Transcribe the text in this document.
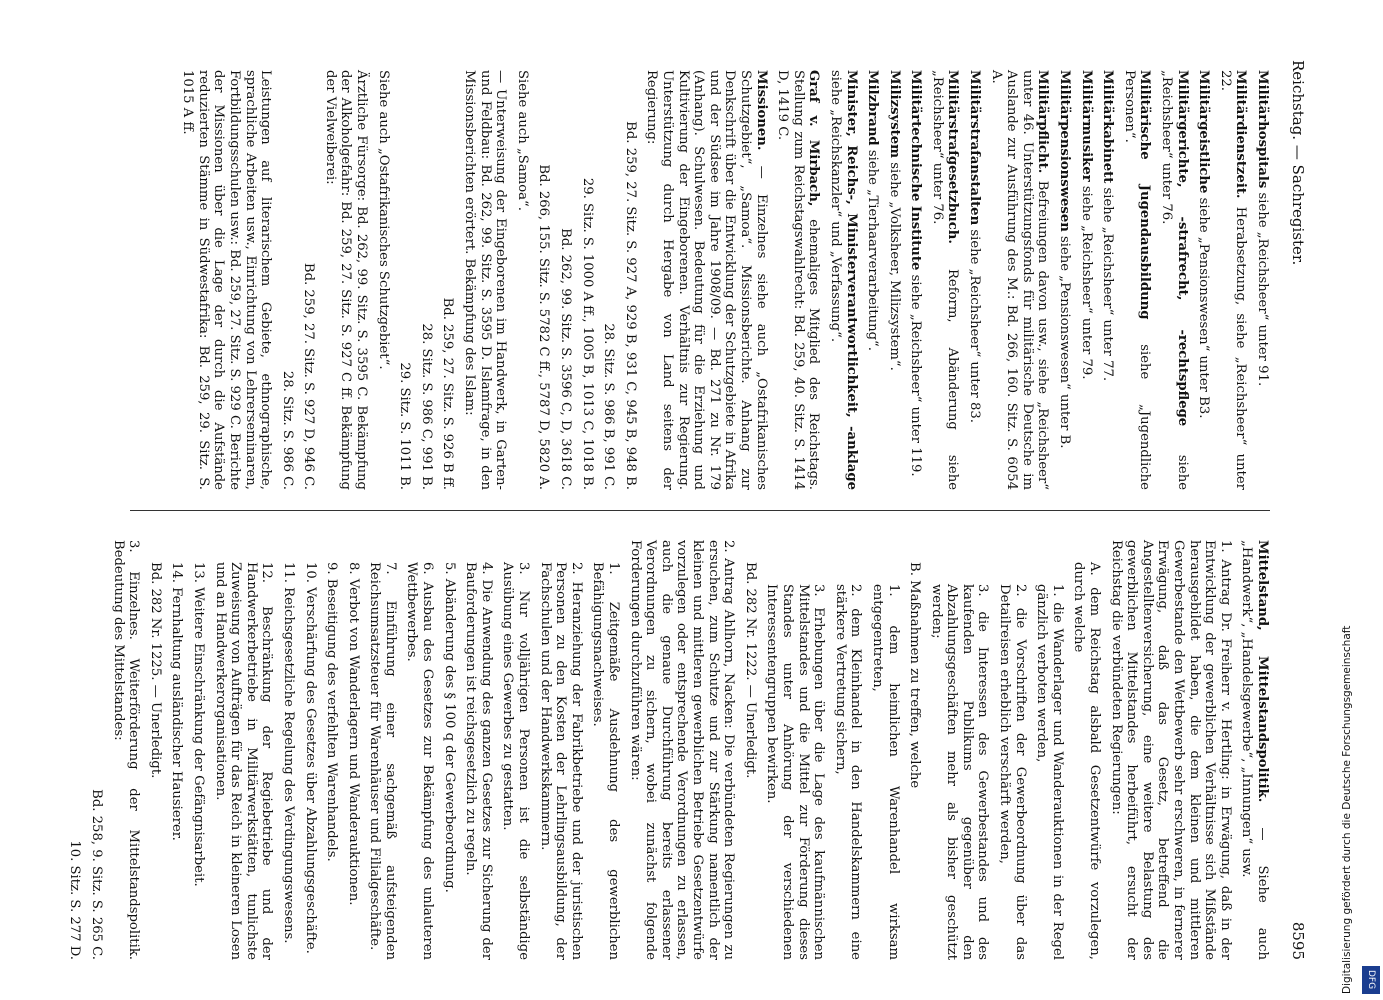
Reichstag. — Sachregister.
8595
Militärhospitals siehe „Reichsheer“ unter 91.
Militärdienstzeit. Herabsetzung, siehe „Reichsheer“ unter 22.
Militärgeistliche siehe „Pensionswesen“ unter B3.
Militärgerichte, -strafrecht, -rechtspflege siehe „Reichsheer“ unter 76.
Militärische Jugendausbildung siehe „Jugendliche Personen“.
Militärkabinett siehe „Reichsheer“ unter 77.
Militärmusiker siehe „Reichsheer“ unter 79.
Militärpensionswesen siehe „Pensionswesen“ unter B.
Militärpflicht. Befreiungen davon usw., siehe „Reichsheer“ unter 46. Unterstützungsfonds für militärische Deutsche im Auslande zur Ausführung des M.: Bd. 266, 160. Sitz. S. 6054 A.
Militärstrafanstalten siehe „Reichsheer“ unter 83.
Militärstrafgesetzbuch. Reform, Abänderung siehe „Reichsheer“ unter 76.
Militärtechnische Institute siehe „Reichsheer“ unter 119.
Milizsystem siehe „Volksheer, Milizsystem“.
Milzbrand siehe „Tierhaarverarbeitung“.
Minister, Reichs-, Ministerverantwortlichkeit, -anklage siehe „Reichskanzler“ und „Verfassung“.
Graf v. Mirbach, ehemaliges Mitglied des Reichstags. Stellung zum Reichstagswahlrecht: Bd. 259, 40. Sitz. S. 1414 D, 1419 C.
Missionen. — Einzelnes siehe auch „Ostafrikanisches Schutzgebiet“, „Samoa“. Missionsberichte. Anhang zur Denkschrift über die Entwicklung der Schutzgebiete in Afrika und der Südsee im Jahre 1908/09. — Bd. 271 zu Nr. 179 (Anhang). Schulwesen. Bedeutung für die Erziehung und Kultivierung der Eingeborenen. Verhältnis zur Regierung. Unterstützung durch Hergabe von Land seitens der Regierung:
Bd. 259, 27. Sitz. S. 927 A, 929 B, 931 C, 945 B, 948 B.
28. Sitz. S. 986 B, 991 C.
29. Sitz. S. 1000 A ff., 1005 B, 1013 C, 1018 B.
Bd. 262, 99. Sitz. S. 3596 C, D, 3618 C.
Bd. 266, 155. Sitz. S. 5782 C ff., 5787 D, 5820 A.
Siehe auch „Samoa“.
— Unterweisung der Eingeborenen im Handwerk, in Garten- und Feldbau: Bd. 262, 99. Sitz. S. 3595 D. Islamfrage, in den Missionsberichten erörtert. Bekämpfung des Islam:
Bd. 259, 27. Sitz. S. 926 B ff.
28. Sitz. S. 986 C, 991 B.
29. Sitz. S. 1011 B.
Siehe auch „Ostafrikanisches Schutzgebiet“.
Ärztliche Fürsorge: Bd. 262, 99. Sitz. S. 3595 C. Bekämpfung der Alkoholgefahr: Bd. 259, 27. Sitz. S. 927 C ff. Bekämpfung der Vielweiberei:
Bd. 259, 27. Sitz. S. 927 D, 946 C.
28. Sitz. S. 986 C.
Leistungen auf literarischem Gebiete, ethnographische, sprachliche Arbeiten usw., Einrichtung von Lehrerseminaren, Fortbildungsschulen usw.: Bd. 259, 27. Sitz. S. 929 C. Berichte der Missionen über die Lage der durch die Aufstände reduzierten Stämme in Südwestafrika: Bd. 259, 29. Sitz. S. 1015 A ff.
Mittelstand, Mittelstandspolitik. — Siehe auch „Handwerk“, „Handelsgewerbe“, „Innungen“ usw.
1. Antrag Dr. Freiherr v. Hertling: in Erwägung, daß in der Entwicklung der gewerblichen Verhältnisse sich Mißstände herausgebildet haben, die dem kleinen und mittleren Gewerbestande den Wettbewerb sehr erschweren, in fernerer Erwägung, daß das Gesetz, betreffend die Angestelltenversicherung, eine weitere Belastung des gewerblichen Mittelstandes herbeiführt, ersucht der Reichstag die verbündeten Regierungen:
A. dem Reichstag alsbald Gesetzentwürfe vorzulegen, durch welche
1. die Wanderlager und Wanderauktionen in der Regel gänzlich verboten werden,
2. die Vorschriften der Gewerbeordnung über das Detailreisen erheblich verschärft werden,
3. die Interessen des Gewerbestandes und des kaufenden Publikums gegenüber den Abzahlungsgeschäften mehr als bisher geschützt werden;
B. Maßnahmen zu treffen, welche
1. dem heimlichen Warenhandel wirksam entgegentreten,
2. dem Kleinhandel in den Handelskammern eine stärkere Vertretung sichern,
3. Erhebungen über die Lage des kaufmännischen Mittelstandes und die Mittel zur Förderung dieses Standes unter Anhörung der verschiedenen Interessentengruppen bewirken.
Bd. 282 Nr. 1222. — Unerledigt.
2. Antrag Ahlhorn, Nacken: Die verbündeten Regierungen zu ersuchen, zum Schutze und zur Stärkung namentlich der kleinen und mittleren gewerblichen Betriebe Gesetzentwürfe vorzulegen oder entsprechende Verordnungen zu erlassen, auch die genaue Durchführung bereits erlassener Verordnungen zu sichern, wobei zunächst folgende Forderungen durchzuführen wären:
1. Zeitgemäße Ausdehnung des gewerblichen Befähigungsnachweises.
2. Heranziehung der Fabrikbetriebe und der juristischen Personen zu den Kosten der Lehrlingsausbildung, der Fachschulen und der Handwerkskammern.
3. Nur volljährigen Personen ist die selbständige Ausübung eines Gewerbes zu gestatten.
4. Die Anwendung des ganzen Gesetzes zur Sicherung der Bauforderungen ist reichsgesetzlich zu regeln.
5. Abänderung des § 100 q der Gewerbeordnung.
6. Ausbau des Gesetzes zur Bekämpfung des unlauteren Wettbewerbes.
7. Einführung einer sachgemäß aufsteigenden Reichsumsatzsteuer für Warenhäuser und Filialgeschäfte.
8. Verbot von Wanderlagern und Wanderauktionen.
9. Beseitigung des verfehlten Warenhandels.
10. Verschärfung des Gesetzes über Abzahlungsgeschäfte.
11. Reichsgesetzliche Regelung des Verdingungswesens.
12. Beschränkung der Regiebetriebe und der Handwerkerbetriebe in Militärwerkstätten, tunlichste Zuweisung von Aufträgen für das Reich in kleineren Losen und an Handwerkerorganisationen.
13. Weitere Einschränkung der Gefängnisarbeit.
14. Fernhaltung ausländischer Hausierer.
Bd. 282 Nr. 1225. — Unerledigt.
3. Einzelnes. Weiterförderung der Mittelstandspolitik. Bedeutung des Mittelstandes:
Bd. 258, 9. Sitz. S. 265 C.
10. Sitz. S. 277 D.	Digitalisierung gefördert durch die Deutsche Forschungsgemeinschaft	DFG
